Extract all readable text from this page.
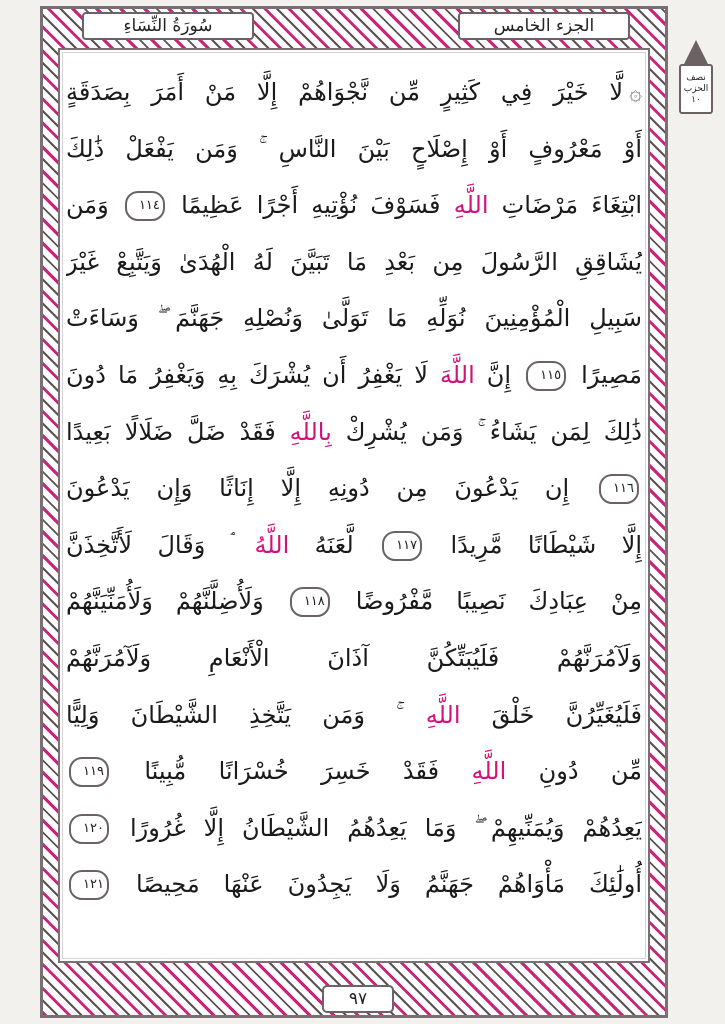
سُورَةُ النِّسَاءِ	الجزء الخامس
نصف
الحزب
١٠
۞لَّا خَيْرَ فِي كَثِيرٍ مِّن نَّجْوَاهُمْ إِلَّا مَنْ أَمَرَ بِصَدَقَةٍ
أَوْ مَعْرُوفٍ أَوْ إِصْلَاحٍ بَيْنَ النَّاسِ ۚ وَمَن يَفْعَلْ ذَٰلِكَ
ابْتِغَاءَ مَرْضَاتِ اللَّهِ فَسَوْفَ نُؤْتِيهِ أَجْرًا عَظِيمًا ١١٤ وَمَن
يُشَاقِقِ الرَّسُولَ مِن بَعْدِ مَا تَبَيَّنَ لَهُ الْهُدَىٰ وَيَتَّبِعْ غَيْرَ
سَبِيلِ الْمُؤْمِنِينَ نُوَلِّهِ مَا تَوَلَّىٰ وَنُصْلِهِ جَهَنَّمَ ۖ وَسَاءَتْ
مَصِيرًا ١١٥ إِنَّ اللَّهَ لَا يَغْفِرُ أَن يُشْرَكَ بِهِ وَيَغْفِرُ مَا دُونَ
ذَٰلِكَ لِمَن يَشَاءُ ۚ وَمَن يُشْرِكْ بِاللَّهِ فَقَدْ ضَلَّ ضَلَالًا بَعِيدًا
١١٦ إِن يَدْعُونَ مِن دُونِهِ إِلَّا إِنَاثًا وَإِن يَدْعُونَ
إِلَّا شَيْطَانًا مَّرِيدًا ١١٧ لَّعَنَهُ اللَّهُ ۘ وَقَالَ لَأَتَّخِذَنَّ
مِنْ عِبَادِكَ نَصِيبًا مَّفْرُوضًا ١١٨ وَلَأُضِلَّنَّهُمْ وَلَأُمَنِّيَنَّهُمْ
وَلَآمُرَنَّهُمْ فَلَيُبَتِّكُنَّ آذَانَ الْأَنْعَامِ وَلَآمُرَنَّهُمْ
فَلَيُغَيِّرُنَّ خَلْقَ اللَّهِ ۚ وَمَن يَتَّخِذِ الشَّيْطَانَ وَلِيًّا
مِّن دُونِ اللَّهِ فَقَدْ خَسِرَ خُسْرَانًا مُّبِينًا ١١٩
يَعِدُهُمْ وَيُمَنِّيهِمْ ۖ وَمَا يَعِدُهُمُ الشَّيْطَانُ إِلَّا غُرُورًا ١٢٠
أُولَٰئِكَ مَأْوَاهُمْ جَهَنَّمُ وَلَا يَجِدُونَ عَنْهَا مَحِيصًا ١٢١
٩٧
